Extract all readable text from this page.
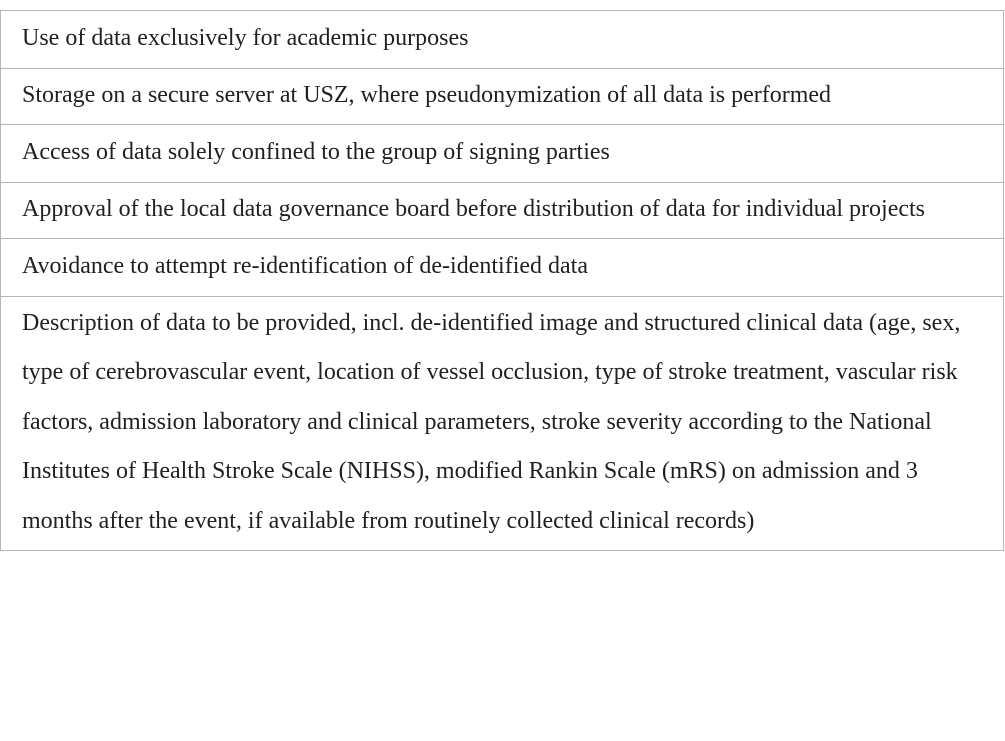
Use of data exclusively for academic purposes
Storage on a secure server at USZ, where pseudonymization of all data is performed
Access of data solely confined to the group of signing parties
Approval of the local data governance board before distribution of data for individual projects
Avoidance to attempt re-identification of de-identified data
Description of data to be provided, incl. de-identified image and structured clinical data (age, sex, type of cerebrovascular event, location of vessel occlusion, type of stroke treatment, vascular risk factors, admission laboratory and clinical parameters, stroke severity according to the National Institutes of Health Stroke Scale (NIHSS), modified Rankin Scale (mRS) on admission and 3 months after the event, if available from routinely collected clinical records)
